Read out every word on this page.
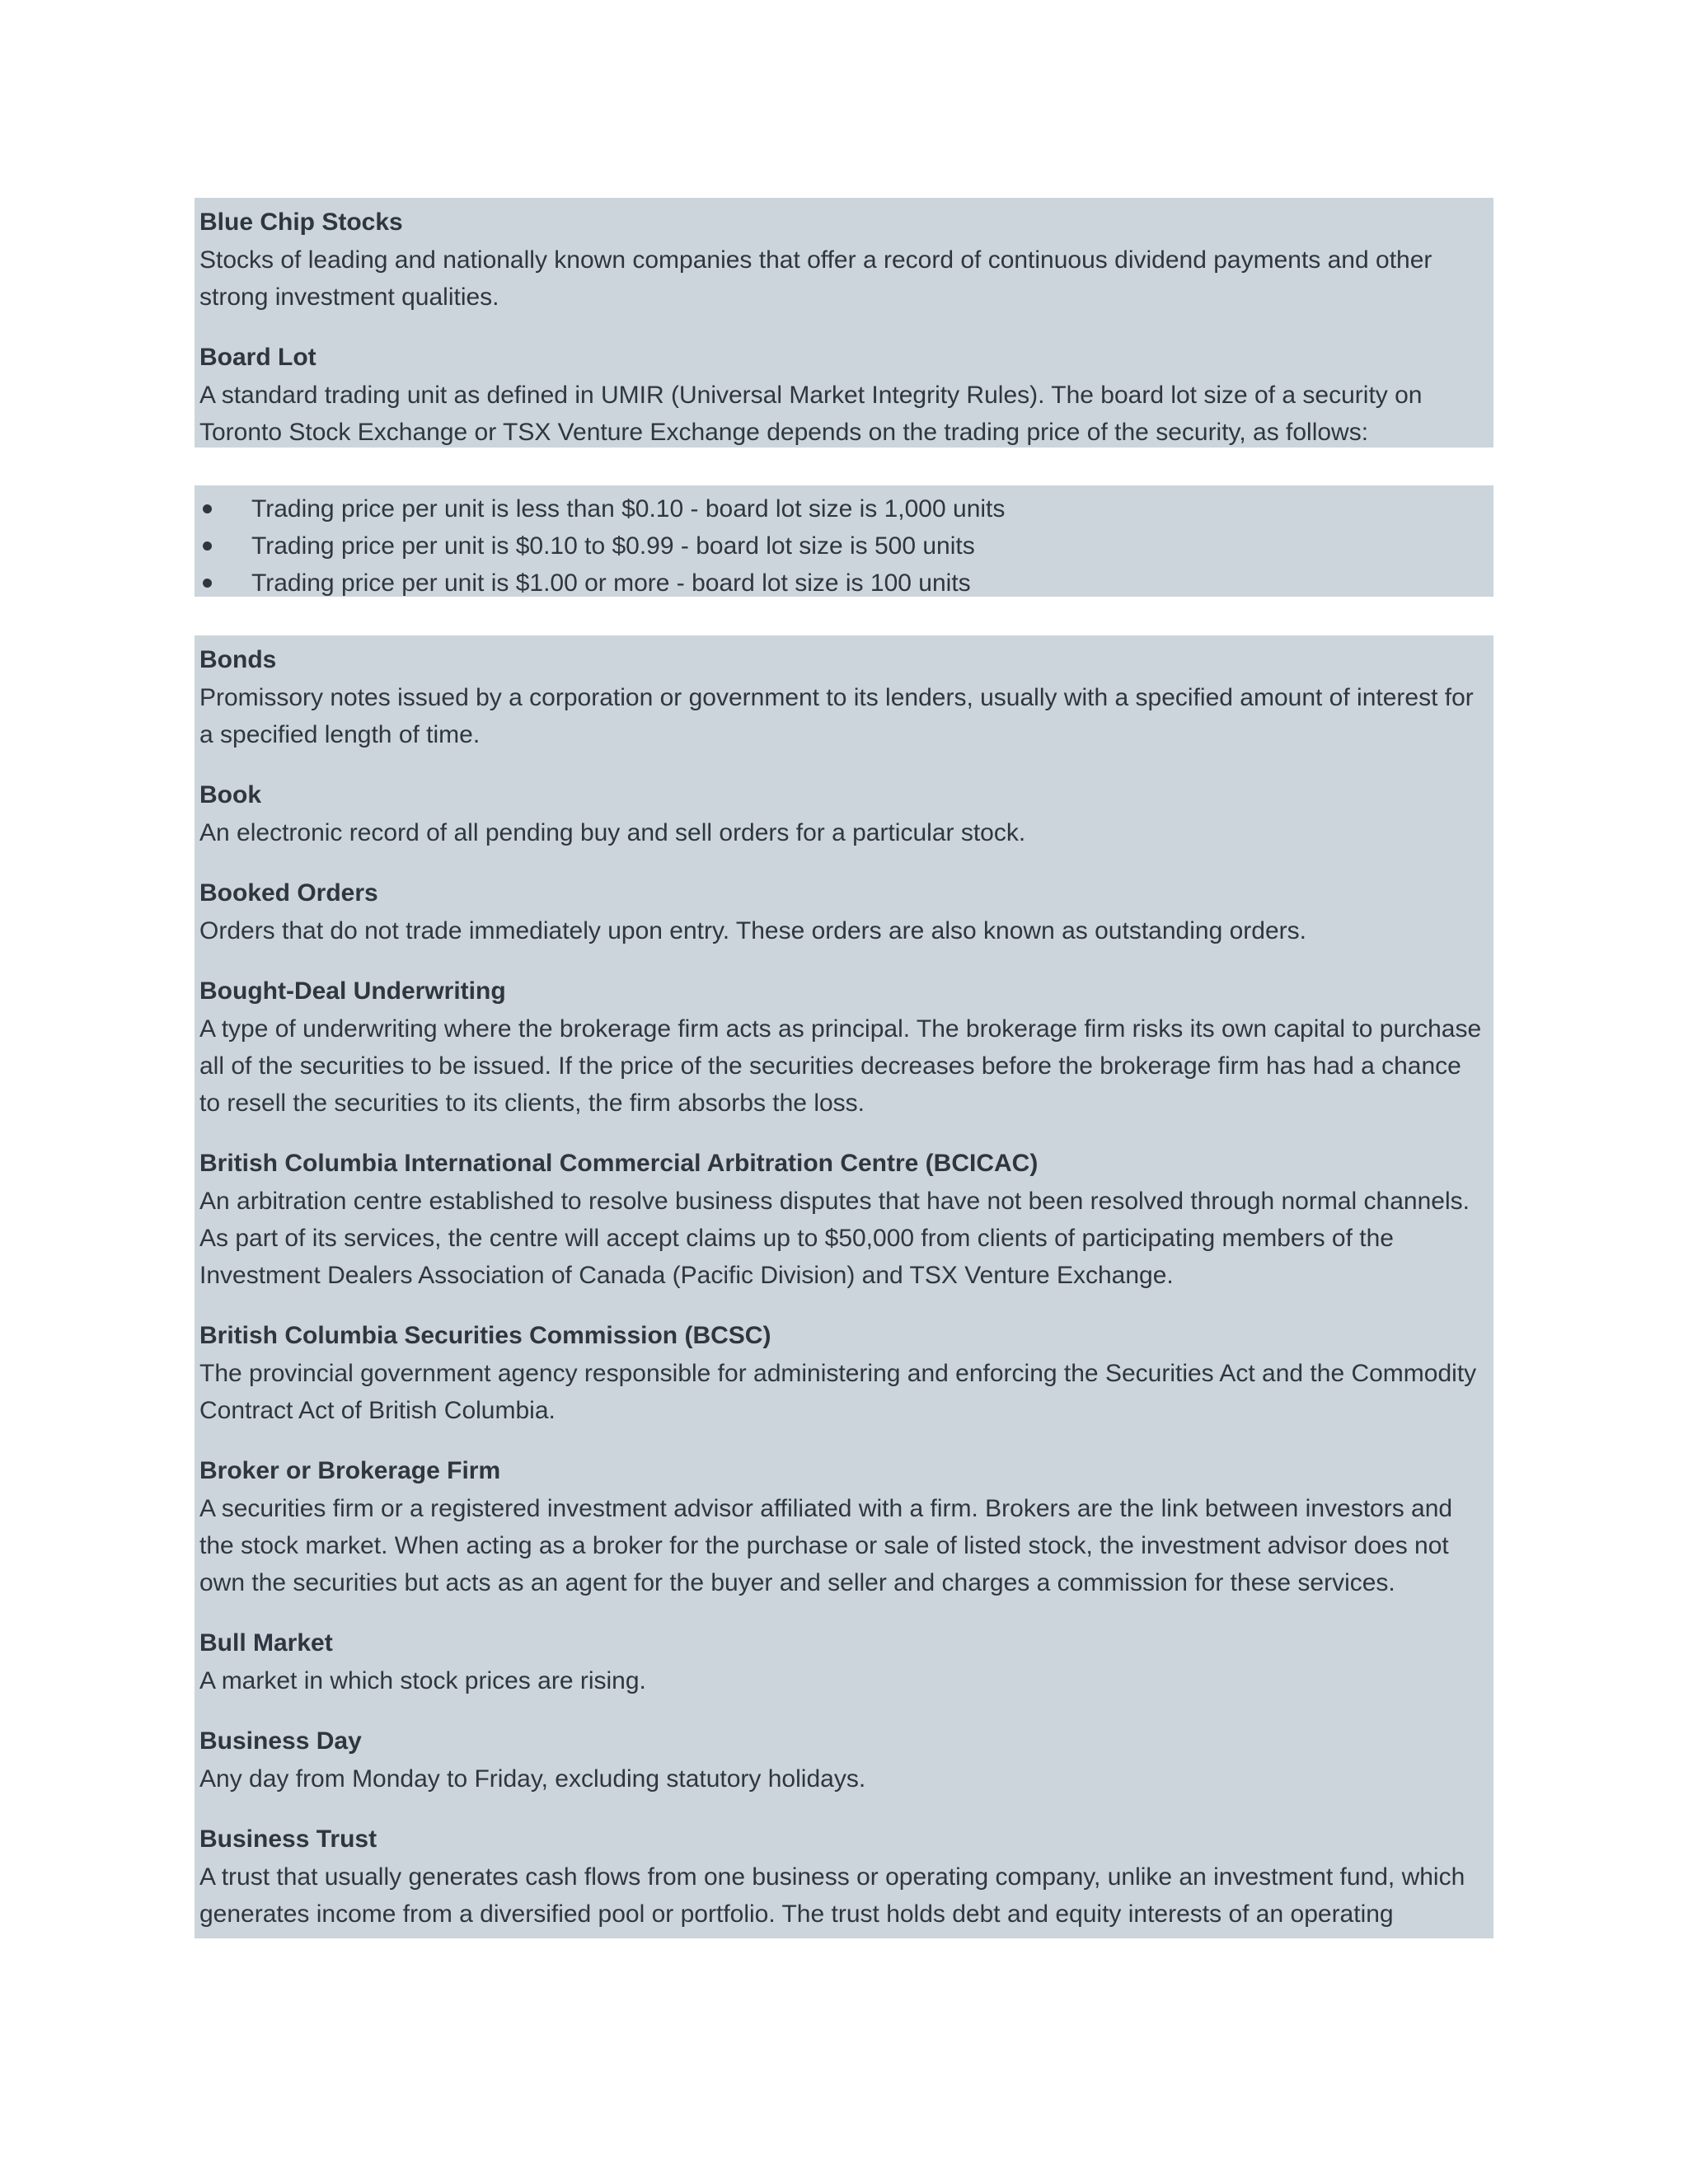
Blue Chip Stocks
Stocks of leading and nationally known companies that offer a record of continuous dividend payments and other strong investment qualities.
Board Lot
A standard trading unit as defined in UMIR (Universal Market Integrity Rules). The board lot size of a security on Toronto Stock Exchange or TSX Venture Exchange depends on the trading price of the security, as follows:
Trading price per unit is less than $0.10 - board lot size is 1,000 units
Trading price per unit is $0.10 to $0.99 - board lot size is 500 units
Trading price per unit is $1.00 or more - board lot size is 100 units
Bonds
Promissory notes issued by a corporation or government to its lenders, usually with a specified amount of interest for a specified length of time.
Book
An electronic record of all pending buy and sell orders for a particular stock.
Booked Orders
Orders that do not trade immediately upon entry. These orders are also known as outstanding orders.
Bought-Deal Underwriting
A type of underwriting where the brokerage firm acts as principal. The brokerage firm risks its own capital to purchase all of the securities to be issued. If the price of the securities decreases before the brokerage firm has had a chance to resell the securities to its clients, the firm absorbs the loss.
British Columbia International Commercial Arbitration Centre (BCICAC)
An arbitration centre established to resolve business disputes that have not been resolved through normal channels. As part of its services, the centre will accept claims up to $50,000 from clients of participating members of the Investment Dealers Association of Canada (Pacific Division) and TSX Venture Exchange.
British Columbia Securities Commission (BCSC)
The provincial government agency responsible for administering and enforcing the Securities Act and the Commodity Contract Act of British Columbia.
Broker or Brokerage Firm
A securities firm or a registered investment advisor affiliated with a firm. Brokers are the link between investors and the stock market. When acting as a broker for the purchase or sale of listed stock, the investment advisor does not own the securities but acts as an agent for the buyer and seller and charges a commission for these services.
Bull Market
A market in which stock prices are rising.
Business Day
Any day from Monday to Friday, excluding statutory holidays.
Business Trust
A trust that usually generates cash flows from one business or operating company, unlike an investment fund, which generates income from a diversified pool or portfolio. The trust holds debt and equity interests of an operating
